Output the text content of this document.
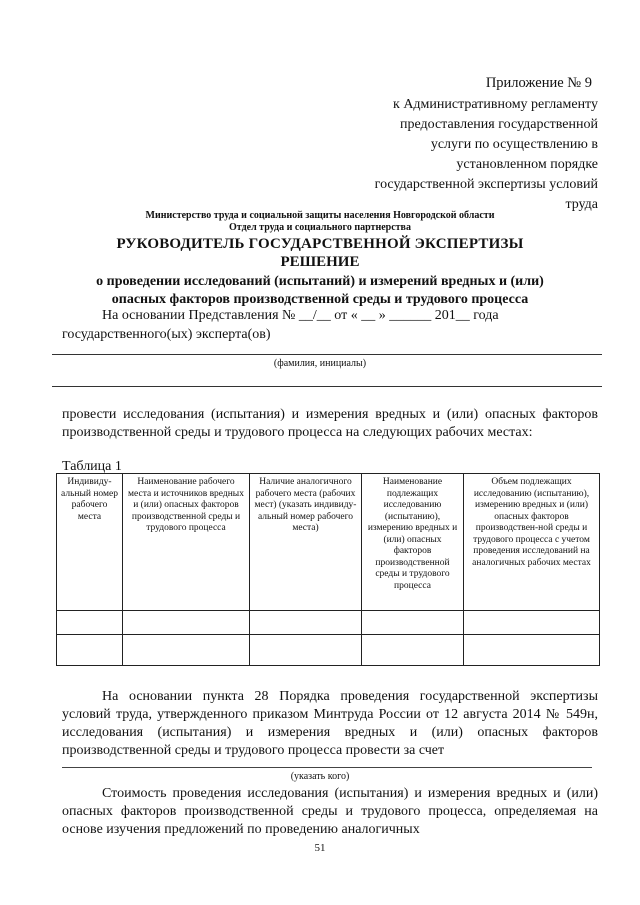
Приложение № 9
к Административному регламенту
предоставления государственной
услуги по осуществлению в
установленном порядке
государственной экспертизы условий
труда
Министерство труда и социальной защиты населения Новгородской области
Отдел труда и социального партнерства
РУКОВОДИТЕЛЬ ГОСУДАРСТВЕННОЙ ЭКСПЕРТИЗЫ
РЕШЕНИЕ
о проведении исследований (испытаний) и измерений вредных и (или)
опасных факторов производственной среды и трудового процесса
На основании Представления № __/__ от « __ » ______ 201__ года
государственного(ых) эксперта(ов)
(фамилия, инициалы)
провести исследования (испытания) и измерения вредных и (или) опасных факторов производственной среды и трудового процесса на следующих рабочих местах:
Таблица 1
Индивиду-альный номер рабочего места	Наименование рабочего места и источников вредных и (или) опасных факторов производственной среды и трудового процесса	Наличие аналогичного рабочего места (рабочих мест) (указать индивиду-альный номер рабочего места)	Наименование подлежащих исследованию (испытанию), измерению вредных и (или) опасных факторов производственной среды и трудового процесса	Объем подлежащих исследованию (испытанию), измерению вредных и (или) опасных факторов производствен-ной среды и трудового процесса с учетом проведения исследований на аналогичных рабочих местах

На основании пункта 28 Порядка проведения государственной экспертизы условий труда, утвержденного приказом Минтруда России от 12 августа 2014 № 549н, исследования (испытания) и измерения вредных и (или) опасных факторов производственной среды и трудового процесса провести за счет
(указать кого)
Стоимость проведения исследования (испытания) и измерения вредных и (или) опасных факторов производственной среды и трудового процесса, определяемая на основе изучения предложений по проведению аналогичных
51
